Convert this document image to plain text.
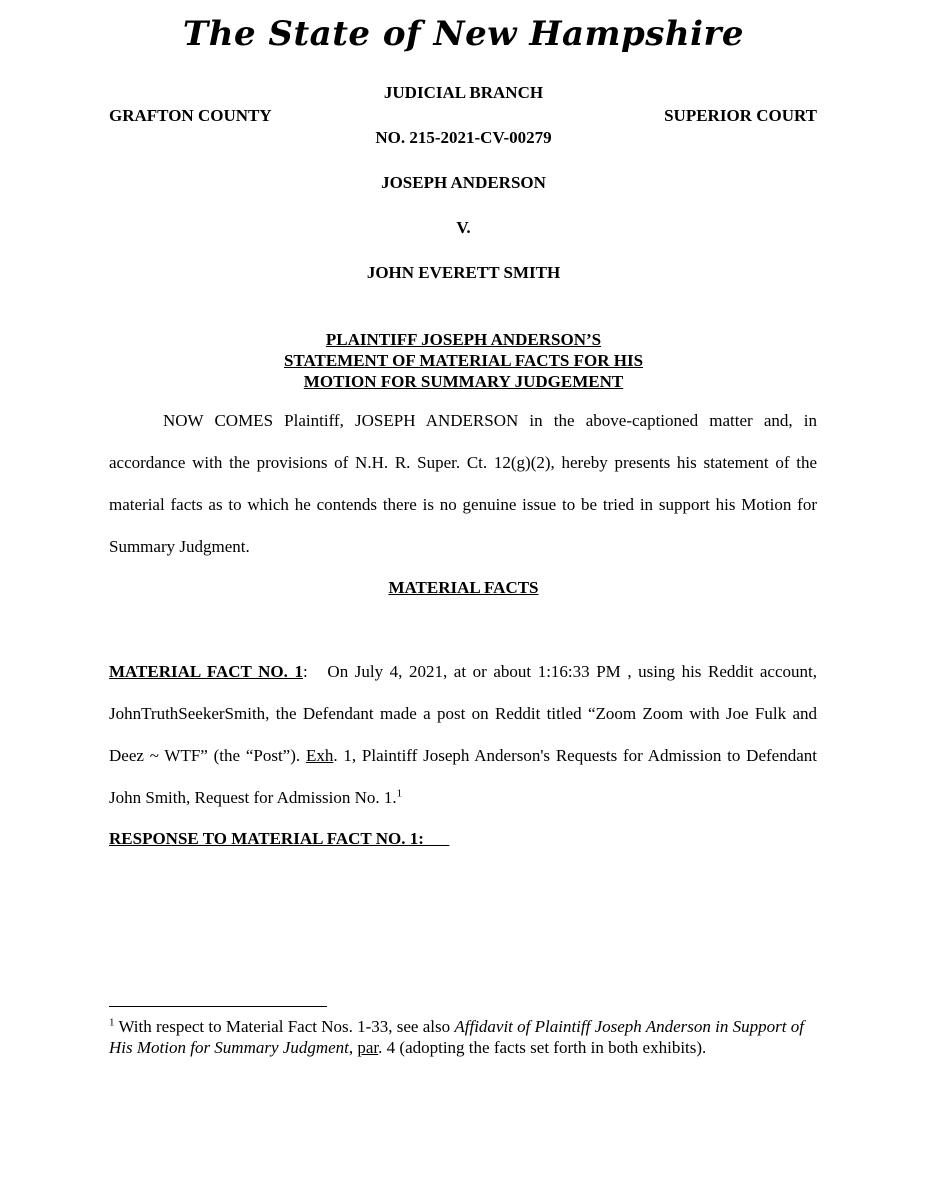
The State of New Hampshire
JUDICIAL BRANCH
GRAFTON COUNTY	SUPERIOR COURT
NO. 215-2021-CV-00279
JOSEPH ANDERSON
V.
JOHN EVERETT SMITH
PLAINTIFF JOSEPH ANDERSON’S
STATEMENT OF MATERIAL FACTS FOR HIS
MOTION FOR SUMMARY JUDGEMENT
NOW COMES Plaintiff, JOSEPH ANDERSON in the above-captioned matter and, in accordance with the provisions of N.H. R. Super. Ct. 12(g)(2), hereby presents his statement of the material facts as to which he contends there is no genuine issue to be tried in support his Motion for Summary Judgment.
MATERIAL FACTS
MATERIAL FACT NO. 1: On July 4, 2021, at or about 1:16:33 PM , using his Reddit account, JohnTruthSeekerSmith, the Defendant made a post on Reddit titled “Zoom Zoom with Joe Fulk and Deez ~ WTF” (the “Post”). Exh. 1, Plaintiff Joseph Anderson's Requests for Admission to Defendant John Smith, Request for Admission No. 1.$^1$
RESPONSE TO MATERIAL FACT NO. 1:
$^1$ With respect to Material Fact Nos. 1-33, see also Affidavit of Plaintiff Joseph Anderson in Support of His Motion for Summary Judgment, par. 4 (adopting the facts set forth in both exhibits).
